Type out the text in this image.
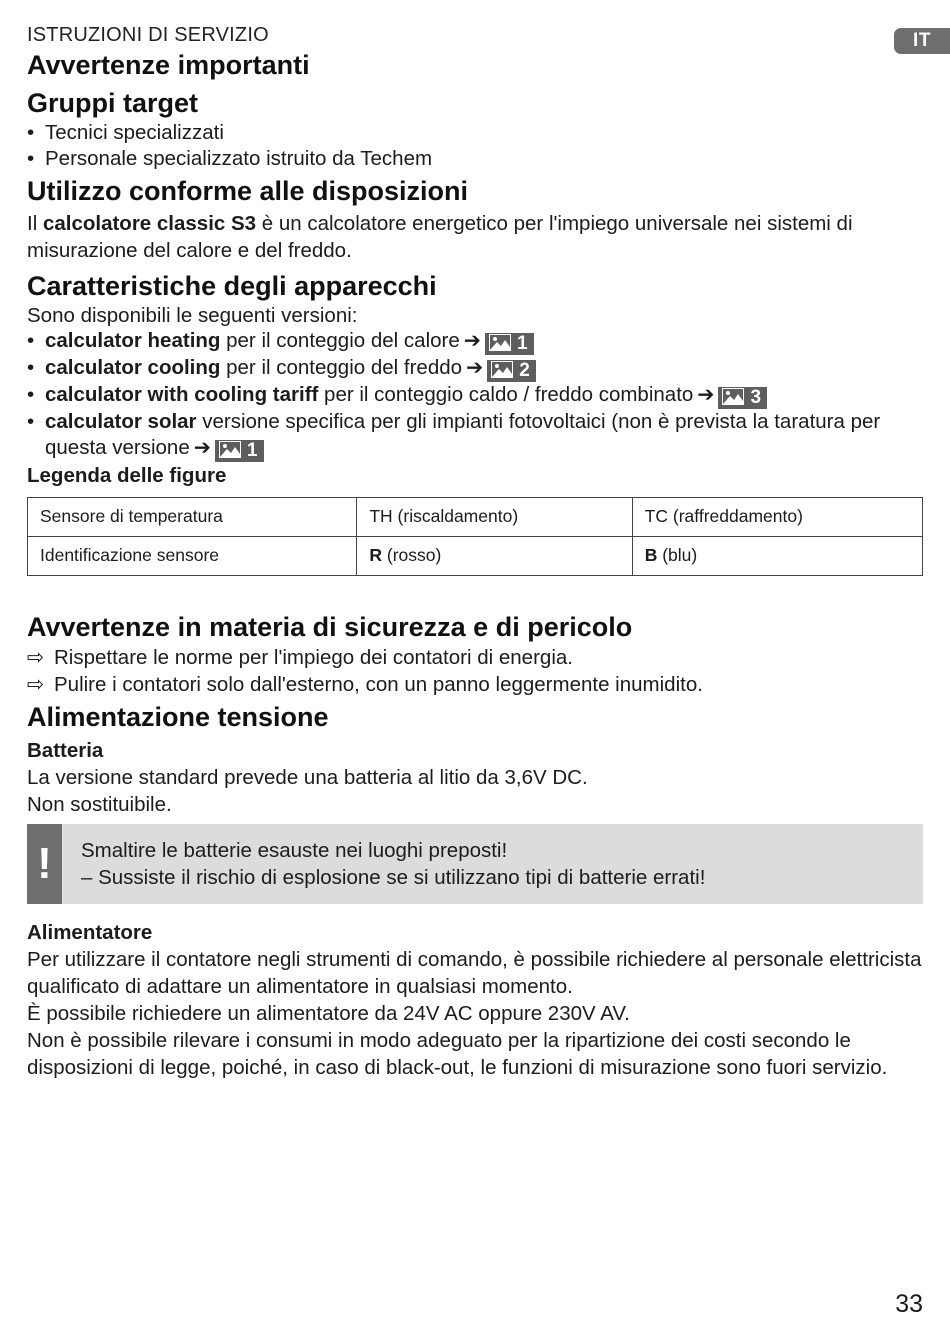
IT
ISTRUZIONI DI SERVIZIO
Avvertenze importanti
Gruppi target
• Tecnici specializzati
• Personale specializzato istruito da Techem
Utilizzo conforme alle disposizioni

Il calcolatore classic S3 è un calcolatore energetico per l'impiego universale nei sistemi di misurazione del calore e del freddo.

Caratteristiche degli apparecchi

Sono disponibili le seguenti versioni:

• calculator heating per il conteggio del calore ➔ 1
• calculator cooling per il conteggio del freddo ➔ 2
• calculator with cooling tariff per il conteggio caldo / freddo combinato ➔ 3
• calculator solar versione specifica per gli impianti fotovoltaici (non è prevista la taratura per questa versione ➔ 1
Legenda delle figure
Sensore di temperatura	TH (riscaldamento)	TC (raffreddamento)
Identificazione sensore	R (rosso)	B (blu)
Avvertenze in materia di sicurezza e di pericolo
⇨ Rispettare le norme per l'impiego dei contatori di energia.
⇨ Pulire i contatori solo dall'esterno, con un panno leggermente inumidito.
Alimentazione tensione
Batteria

La versione standard prevede una batteria al litio da 3,6V DC.

Non sostituibile.

!	Smaltire le batterie esauste nei luoghi preposti!
– Sussiste il rischio di esplosione se si utilizzano tipi di batterie errati!
Alimentatore

Per utilizzare il contatore negli strumenti di comando, è possibile richiedere al personale elettricista qualificato di adattare un alimentatore in qualsiasi momento.

È possibile richiedere un alimentatore da 24V AC oppure 230V AV.

Non è possibile rilevare i consumi in modo adeguato per la ripartizione dei costi secondo le disposizioni di legge, poiché, in caso di black-out, le funzioni di misurazione sono fuori servizio.

33
